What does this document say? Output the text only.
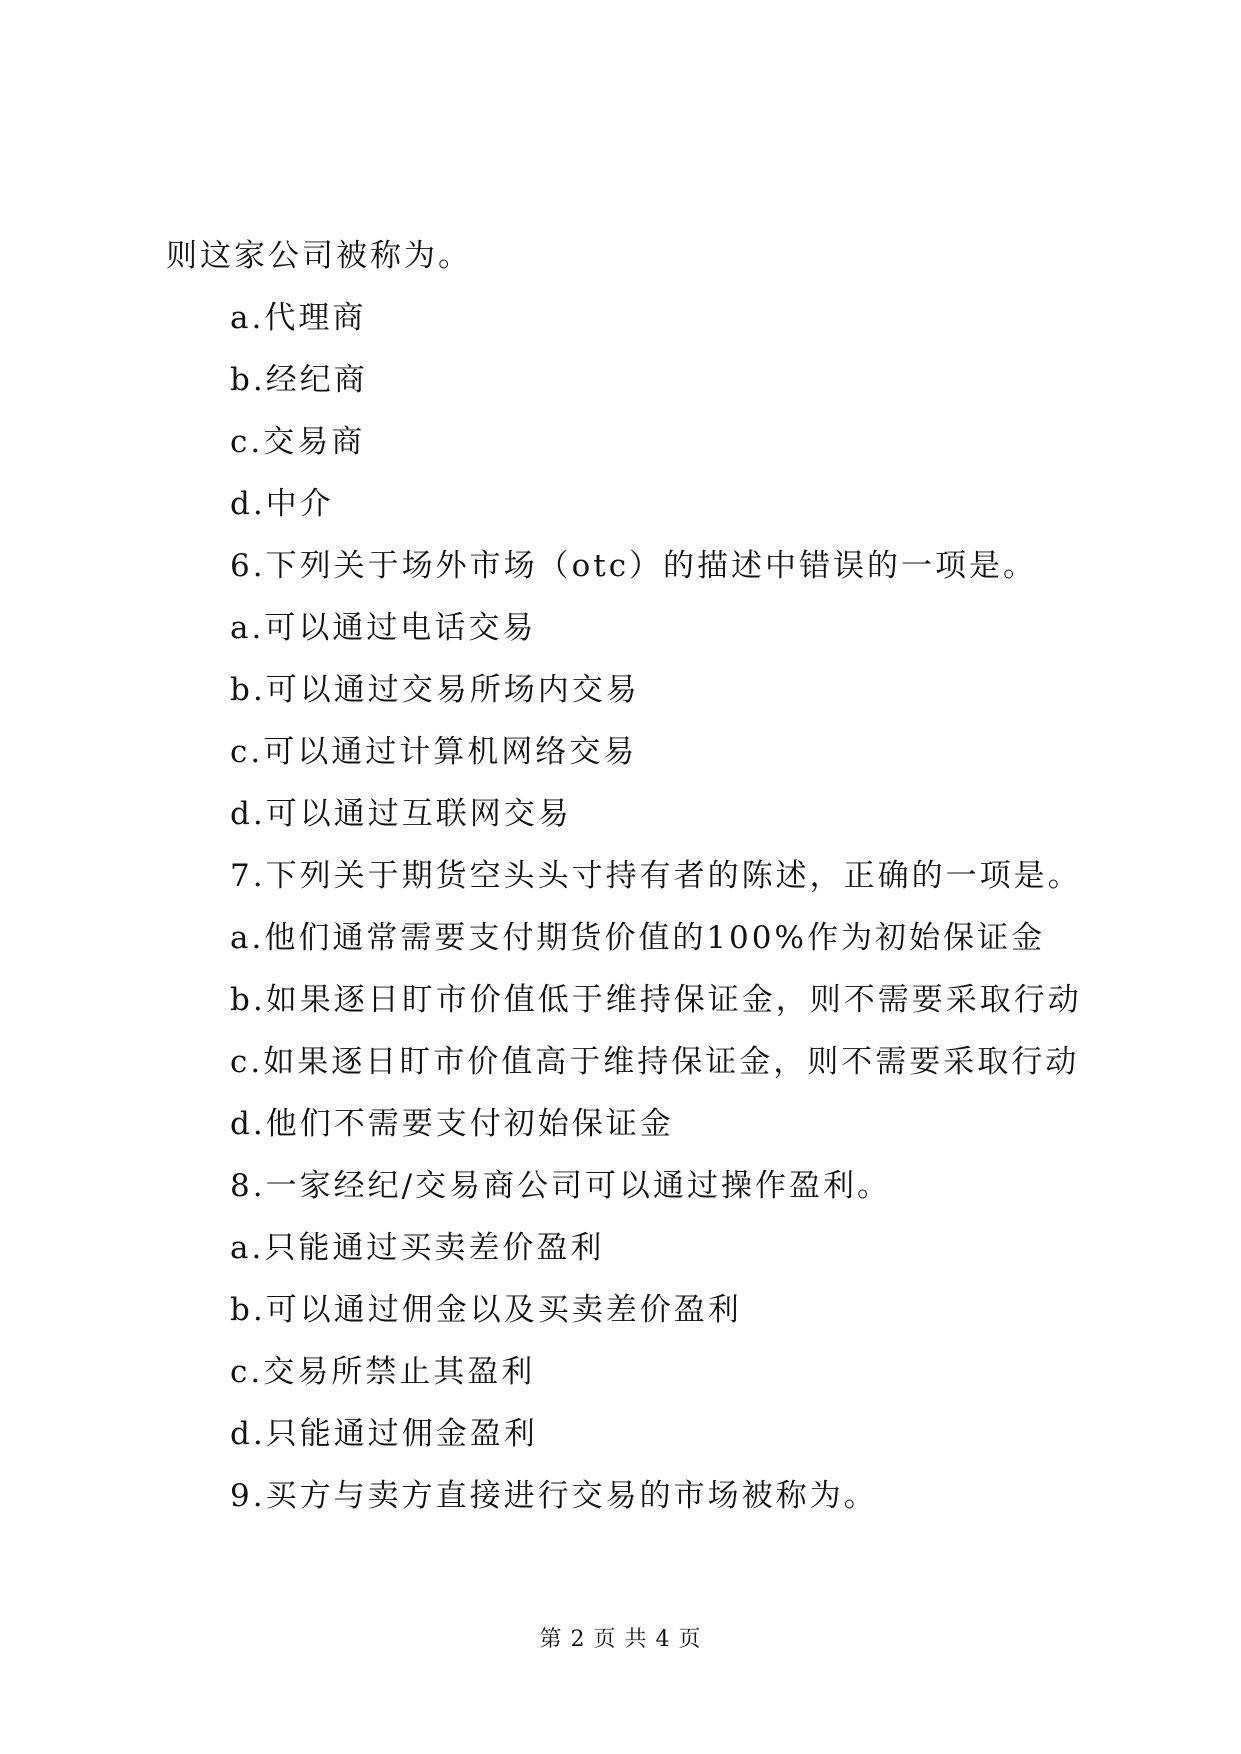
则这家公司被称为。

a.代理商

b.经纪商

c.交易商

d.中介

6.下列关于场外市场（otc）的描述中错误的一项是。

a.可以通过电话交易

b.可以通过交易所场内交易

c.可以通过计算机网络交易

d.可以通过互联网交易

7.下列关于期货空头头寸持有者的陈述，正确的一项是。

a.他们通常需要支付期货价值的100%作为初始保证金

b.如果逐日盯市价值低于维持保证金，则不需要采取行动

c.如果逐日盯市价值高于维持保证金，则不需要采取行动

d.他们不需要支付初始保证金

8.一家经纪/交易商公司可以通过操作盈利。

a.只能通过买卖差价盈利

b.可以通过佣金以及买卖差价盈利

c.交易所禁止其盈利

d.只能通过佣金盈利

9.买方与卖方直接进行交易的市场被称为。

第 2 页 共 4 页
